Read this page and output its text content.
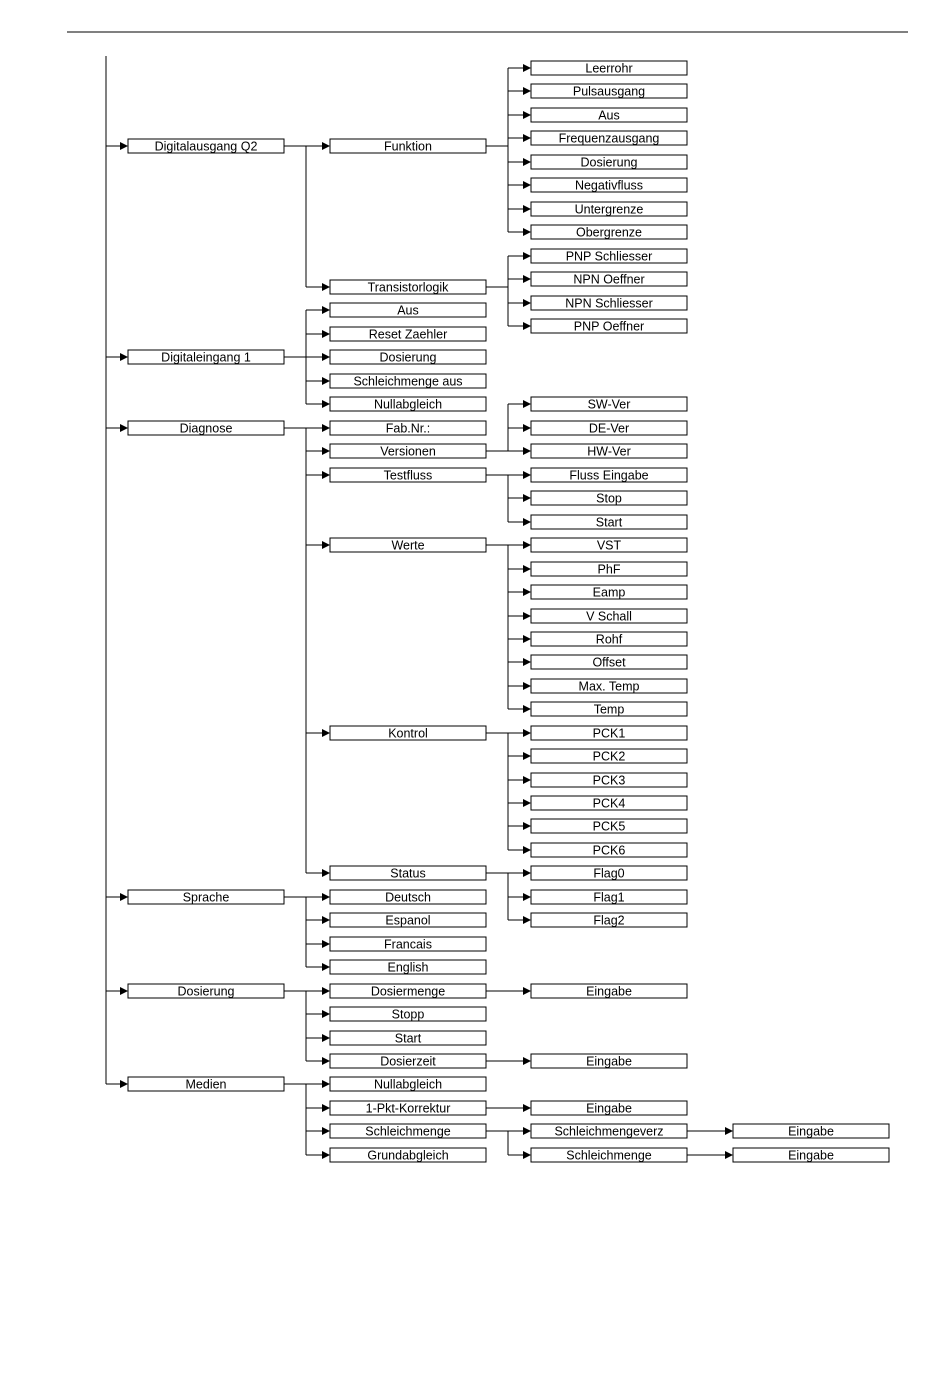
Digitalausgang Q2	Funktion
Leerrohr
Pulsausgang
Aus
Frequenzausgang
Dosierung
Negativfluss
Untergrenze
Obergrenze
Transistorlogik
PNP Schliesser
NPN Oeffner
NPN Schliesser
PNP Oeffner
Digitaleingang 1
Aus
Reset Zaehler
Dosierung
Schleichmenge aus
Nullabgleich
Diagnose	Fab.Nr.:
Versionen
SW-Ver
DE-Ver
HW-Ver
Testfluss	Fluss Eingabe
Stop
Start
Werte	VST
PhF
Eamp
V Schall
Rohf
Offset
Max. Temp
Temp
Kontrol	PCK1
PCK2
PCK3
PCK4
PCK5
PCK6
Status	Flag0
Flag1
Flag2
Sprache	Deutsch
Espanol
Francais
English
Dosierung	Dosiermenge	Eingabe
Stopp
Start
Dosierzeit	Eingabe
Medien	Nullabgleich
1-Pkt-Korrektur	Eingabe
Schleichmenge	Schleichmengeverz	Eingabe
Schleichmenge	Eingabe
Grundabgleich
